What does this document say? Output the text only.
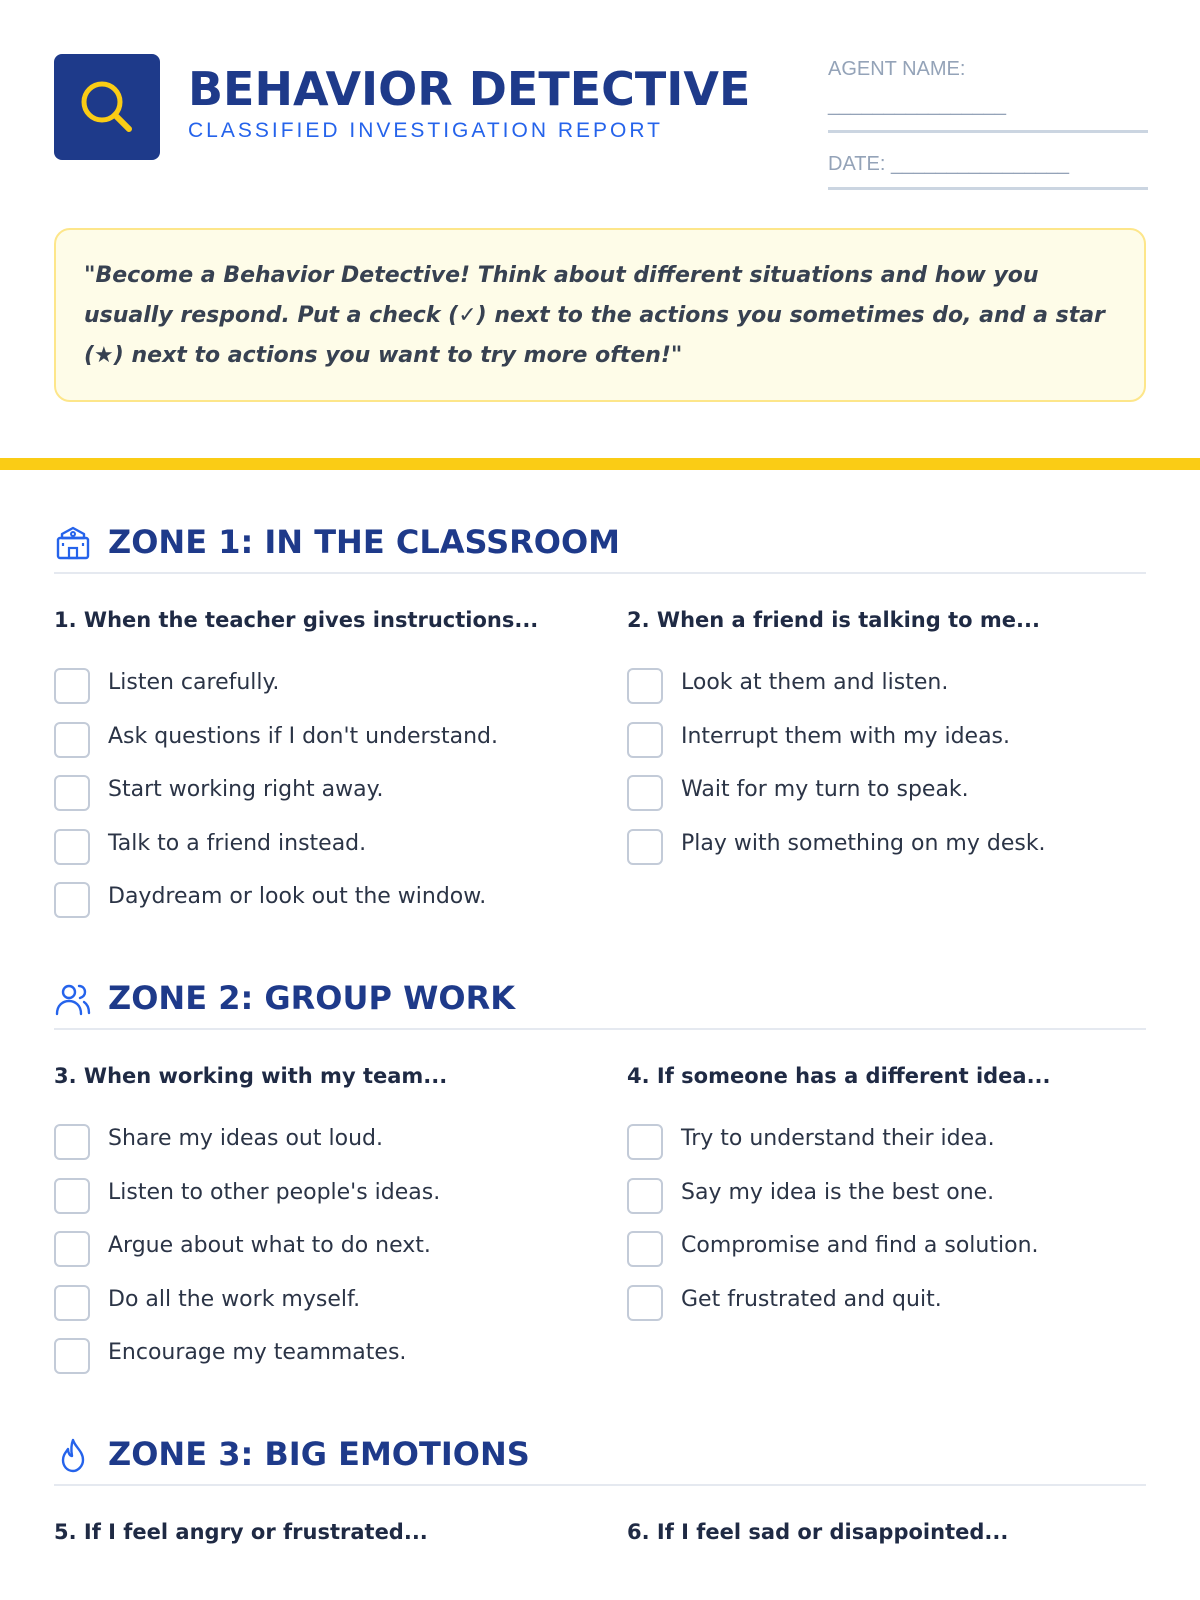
BEHAVIOR DETECTIVE
CLASSIFIED INVESTIGATION REPORT
AGENT NAME:
________________
DATE: ________________
"Become a Behavior Detective! Think about different situations and how you usually respond. Put a check (✓) next to the actions you sometimes do, and a star (★) next to actions you want to try more often!"
ZONE 1: IN THE CLASSROOM
1. When the teacher gives instructions...
Listen carefully.
Ask questions if I don't understand.
Start working right away.
Talk to a friend instead.
Daydream or look out the window.
2. When a friend is talking to me...
Look at them and listen.
Interrupt them with my ideas.
Wait for my turn to speak.
Play with something on my desk.
ZONE 2: GROUP WORK
3. When working with my team...
Share my ideas out loud.
Listen to other people's ideas.
Argue about what to do next.
Do all the work myself.
Encourage my teammates.
4. If someone has a different idea...
Try to understand their idea.
Say my idea is the best one.
Compromise and find a solution.
Get frustrated and quit.
ZONE 3: BIG EMOTIONS
5. If I feel angry or frustrated...	6. If I feel sad or disappointed...
